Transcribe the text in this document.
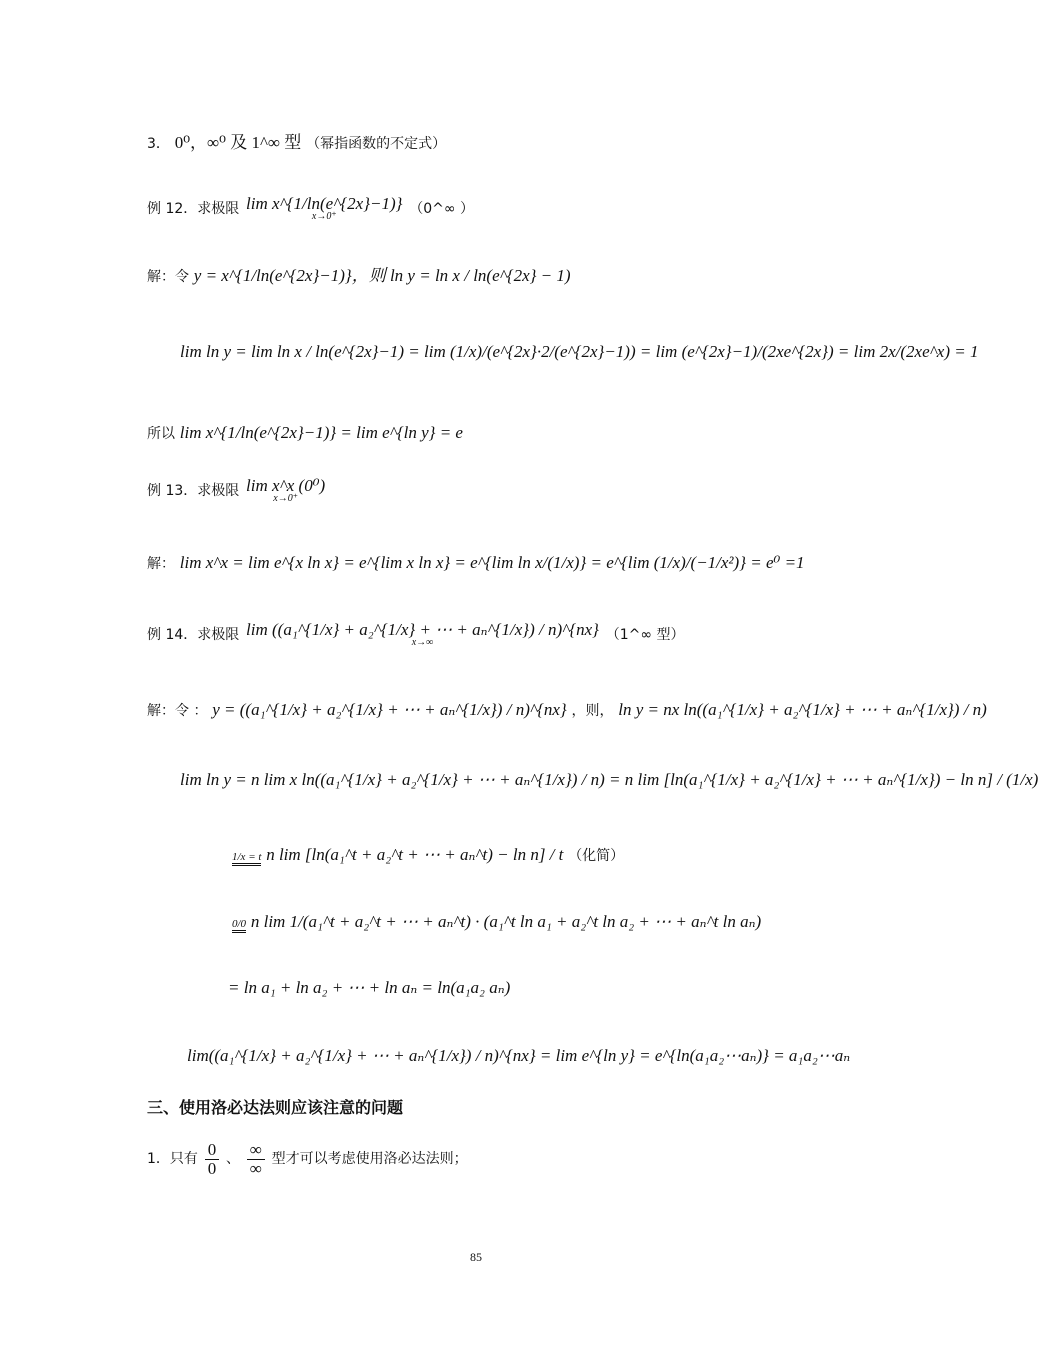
3． 0⁰，∞⁰ 及 1^∞ 型 （幂指函数的不定式）
例 12．求极限 lim x^{1/ln(e^{2x}−1)}
x→0⁺	（0^∞ ）
解：令 y = x^{1/ln(e^{2x}−1)}，则 ln y = ln x / ln(e^{2x} − 1)
lim ln y = lim ln x / ln(e^{2x}−1) = lim (1/x)/(e^{2x}·2/(e^{2x}−1)) = lim (e^{2x}−1)/(2xe^{2x}) = lim 2x/(2xe^x) = 1
所以 lim x^{1/ln(e^{2x}−1)} = lim e^{ln y} = e
例 13．求极限 lim x^x (0⁰)
x→0⁺
解： lim x^x = lim e^{x ln x} = e^{lim x ln x} = e^{lim ln x/(1/x)} = e^{lim (1/x)/(−1/x²)} = e⁰ =1
例 14．求极限 lim ((a₁^{1/x} + a₂^{1/x} + ⋯ + aₙ^{1/x}) / n)^{nx}
x→∞	（1^∞ 型）
解：令 ： y = ((a₁^{1/x} + a₂^{1/x} + ⋯ + aₙ^{1/x}) / n)^{nx} ，则， ln y = nx ln((a₁^{1/x} + a₂^{1/x} + ⋯ + aₙ^{1/x}) / n)
lim ln y = n lim x ln((a₁^{1/x} + a₂^{1/x} + ⋯ + aₙ^{1/x}) / n) = n lim [ln(a₁^{1/x} + a₂^{1/x} + ⋯ + aₙ^{1/x}) − ln n] / (1/x)
1/x = t n lim [ln(a₁^t + a₂^t + ⋯ + aₙ^t) − ln n] / t （化简）
0/0 n lim 1/(a₁^t + a₂^t + ⋯ + aₙ^t) · (a₁^t ln a₁ + a₂^t ln a₂ + ⋯ + aₙ^t ln aₙ)
= ln a₁ + ln a₂ + ⋯ + ln aₙ = ln(a₁a₂ aₙ)
lim((a₁^{1/x} + a₂^{1/x} + ⋯ + aₙ^{1/x}) / n)^{nx} = lim e^{ln y} = e^{ln(a₁a₂⋯aₙ)} = a₁a₂⋯aₙ
三、使用洛必达法则应该注意的问题
1．只有 $\frac{0}{0}$ 、 $\frac{\infty}{\infty}$ 型才可以考虑使用洛必达法则；
85
